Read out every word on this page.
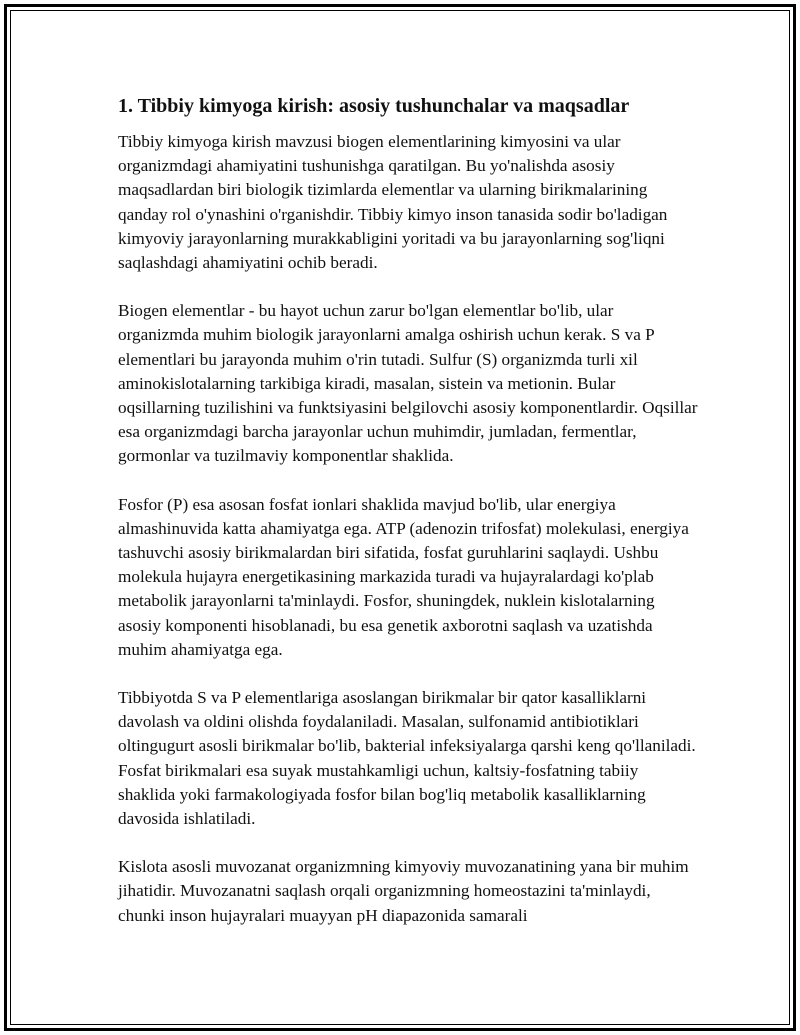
1. Tibbiy kimyoga kirish: asosiy tushunchalar va maqsadlar

Tibbiy kimyoga kirish mavzusi biogen elementlarining kimyosini va ular organizmdagi ahamiyatini tushunishga qaratilgan. Bu yo'nalishda asosiy maqsadlardan biri biologik tizimlarda elementlar va ularning birikmalarining qanday rol o'ynashini o'rganishdir. Tibbiy kimyo inson tanasida sodir bo'ladigan kimyoviy jarayonlarning murakkabligini yoritadi va bu jarayonlarning sog'liqni saqlashdagi ahamiyatini ochib beradi.

Biogen elementlar - bu hayot uchun zarur bo'lgan elementlar bo'lib, ular organizmda muhim biologik jarayonlarni amalga oshirish uchun kerak. S va P elementlari bu jarayonda muhim o'rin tutadi. Sulfur (S) organizmda turli xil aminokislotalarning tarkibiga kiradi, masalan, sistein va metionin. Bular oqsillarning tuzilishini va funktsiyasini belgilovchi asosiy komponentlardir. Oqsillar esa organizmdagi barcha jarayonlar uchun muhimdir, jumladan, fermentlar, gormonlar va tuzilmaviy komponentlar shaklida.

Fosfor (P) esa asosan fosfat ionlari shaklida mavjud bo'lib, ular energiya almashinuvida katta ahamiyatga ega. ATP (adenozin trifosfat) molekulasi, energiya tashuvchi asosiy birikmalardan biri sifatida, fosfat guruhlarini saqlaydi. Ushbu molekula hujayra energetikasining markazida turadi va hujayralardagi ko'plab metabolik jarayonlarni ta'minlaydi. Fosfor, shuningdek, nuklein kislotalarning asosiy komponenti hisoblanadi, bu esa genetik axborotni saqlash va uzatishda muhim ahamiyatga ega.

Tibbiyotda S va P elementlariga asoslangan birikmalar bir qator kasalliklarni davolash va oldini olishda foydalaniladi. Masalan, sulfonamid antibiotiklari oltingugurt asosli birikmalar bo'lib, bakterial infeksiyalarga qarshi keng qo'llaniladi. Fosfat birikmalari esa suyak mustahkamligi uchun, kaltsiy-fosfatning tabiiy shaklida yoki farmakologiyada fosfor bilan bog'liq metabolik kasalliklarning davosida ishlatiladi.

Kislota asosli muvozanat organizmning kimyoviy muvozanatining yana bir muhim jihatidir. Muvozanatni saqlash orqali organizmning homeostazini ta'minlaydi, chunki inson hujayralari muayyan pH diapazonida samarali
